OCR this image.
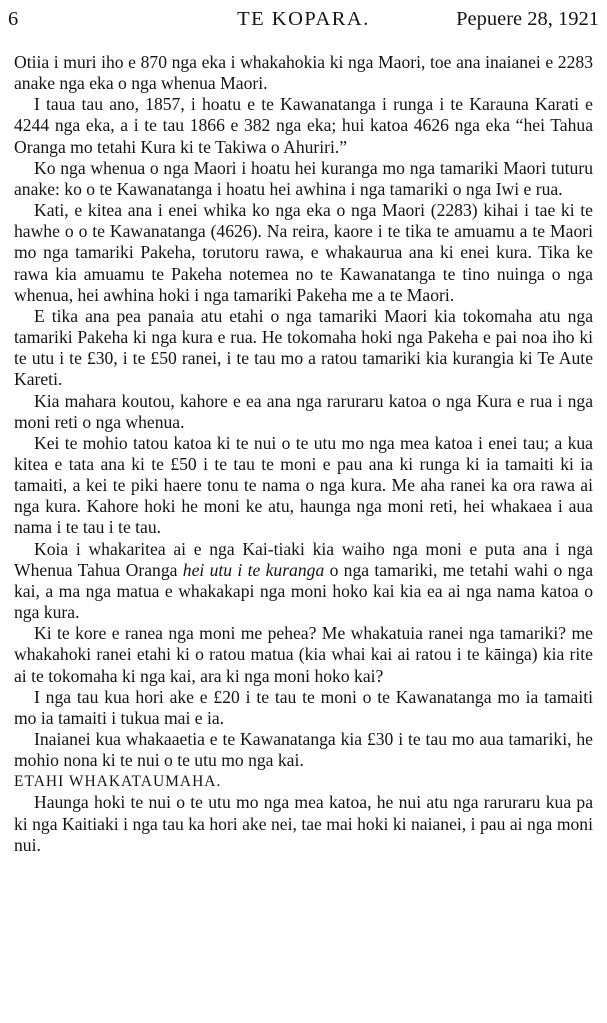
6	TE KOPARA.	Pepuere 28, 1921

Otiia i muri iho e 870 nga eka i whakahokia ki nga Maori, toe ana inaianei e 2283 anake nga eka o nga whenua Maori.

I taua tau ano, 1857, i hoatu e te Kawanatanga i runga i te Karauna Karati e 4244 nga eka, a i te tau 1866 e 382 nga eka; hui katoa 4626 nga eka “hei Tahua Oranga mo tetahi Kura ki te Takiwa o Ahuriri.”

Ko nga whenua o nga Maori i hoatu hei kuranga mo nga tamariki Maori tuturu anake: ko o te Kawanatanga i hoatu hei awhina i nga tamariki o nga Iwi e rua.

Kati, e kitea ana i enei whika ko nga eka o nga Maori (2283) kihai i tae ki te hawhe o o te Kawanatanga (4626). Na reira, kaore i te tika te amuamu a te Maori mo nga tamariki Pakeha, torutoru rawa, e whakaurua ana ki enei kura. Tika ke rawa kia amuamu te Pakeha notemea no te Kawanatanga te tino nuinga o nga whenua, hei awhina hoki i nga tamariki Pakeha me a te Maori.

E tika ana pea panaia atu etahi o nga tamariki Maori kia tokomaha atu nga tamariki Pakeha ki nga kura e rua. He tokomaha hoki nga Pakeha e pai noa iho ki te utu i te £30, i te £50 ranei, i te tau mo a ratou tamariki kia kurangia ki Te Aute Kareti.

Kia mahara koutou, kahore e ea ana nga raruraru katoa o nga Kura e rua i nga moni reti o nga whenua.

Kei te mohio tatou katoa ki te nui o te utu mo nga mea katoa i enei tau; a kua kitea e tata ana ki te £50 i te tau te moni e pau ana ki runga ki ia tamaiti ki ia tamaiti, a kei te piki haere tonu te nama o nga kura. Me aha ranei ka ora rawa ai nga kura. Kahore hoki he moni ke atu, haunga nga moni reti, hei whakaea i aua nama i te tau i te tau.

Koia i whakaritea ai e nga Kai-tiaki kia waiho nga moni e puta ana i nga Whenua Tahua Oranga hei utu i te kuranga o nga tamariki, me tetahi wahi o nga kai, a ma nga matua e whakakapi nga moni hoko kai kia ea ai nga nama katoa o nga kura.

Ki te kore e ranea nga moni me pehea? Me whakatuia ranei nga tamariki? me whakahoki ranei etahi ki o ratou matua (kia whai kai ai ratou i te kāinga) kia rite ai te tokomaha ki nga kai, ara ki nga moni hoko kai?

I nga tau kua hori ake e £20 i te tau te moni o te Kawanatanga mo ia tamaiti mo ia tamaiti i tukua mai e ia.

Inaianei kua whakaaetia e te Kawanatanga kia £30 i te tau mo aua tamariki, he mohio nona ki te nui o te utu mo nga kai.

ETAHI WHAKATAUMAHA.

Haunga hoki te nui o te utu mo nga mea katoa, he nui atu nga raruraru kua pa ki nga Kaitiaki i nga tau ka hori ake nei, tae mai hoki ki naianei, i pau ai nga moni nui.
